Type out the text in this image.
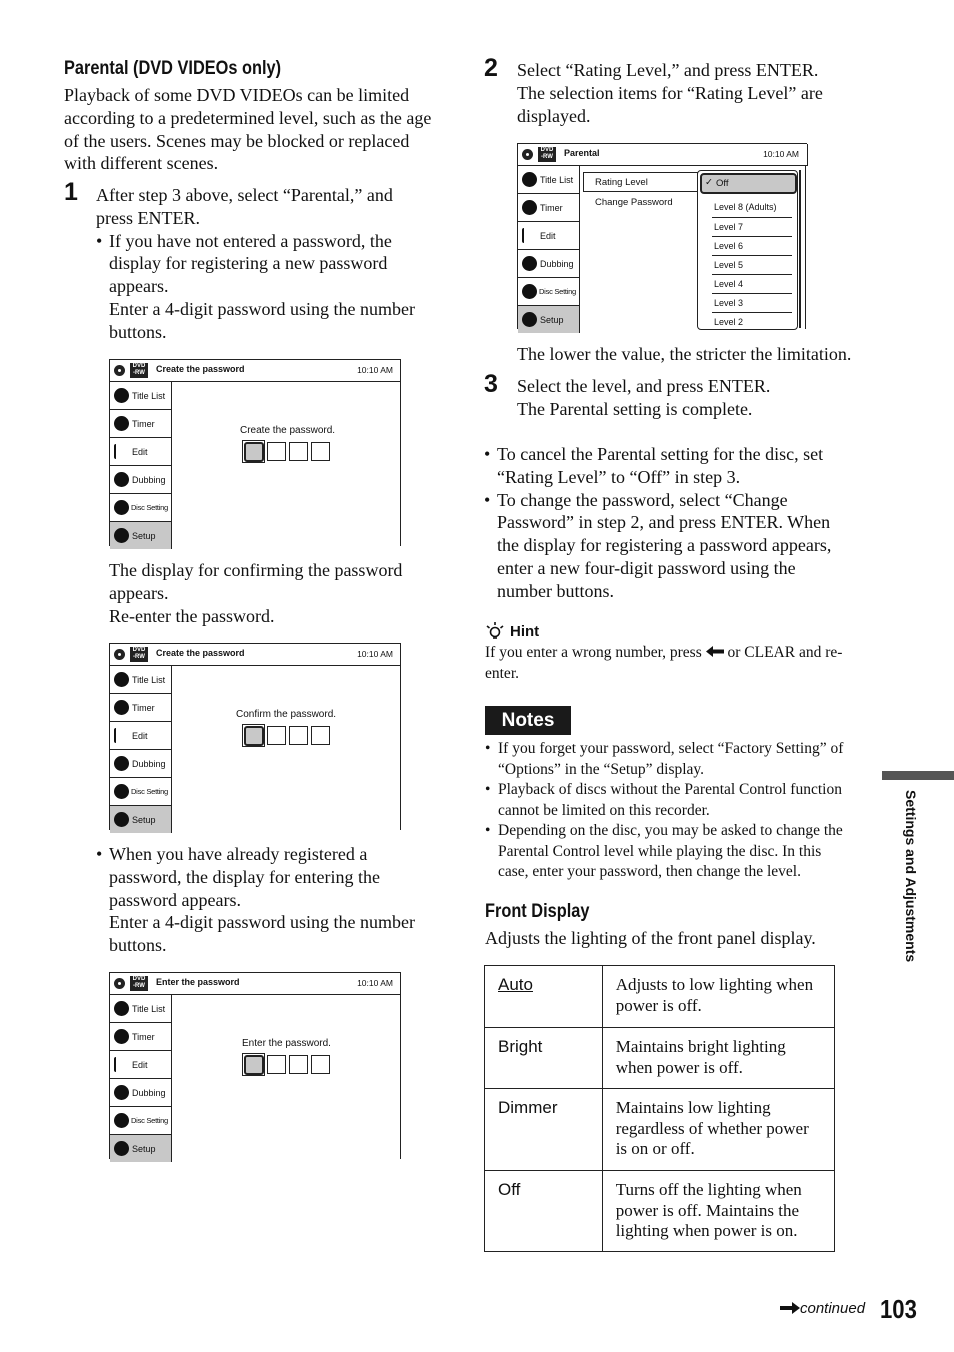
Parental (DVD VIDEOs only)
Playback of some DVD VIDEOs can be limited
according to a predetermined level, such as the age
of the users. Scenes may be blocked or replaced
with different scenes.
1 After step 3 above, select “Parental,” and
press ENTER.
• If you have not entered a password, the
display for registering a new password
appears.
Enter a 4-digit password using the number
buttons.
DVD
-RW	Create the password	10:10 AM
Title List
Timer
Edit
Dubbing
Disc Setting
Setup
Create the password.
The display for confirming the password
appears.
Re-enter the password.
DVD
-RW	Create the password	10:10 AM
Title List
Timer
Edit
Dubbing
Disc Setting
Setup
Confirm the password.
• When you have already registered a
password, the display for entering the
password appears.
Enter a 4-digit password using the number
buttons.
DVD
-RW	Enter the password	10:10 AM
Title List
Timer
Edit
Dubbing
Disc Setting
Setup
Enter the password.
2 Select “Rating Level,” and press ENTER.
The selection items for “Rating Level” are
displayed.
DVD
-RW	Parental	10:10 AM
Title List
Timer
Edit
Dubbing
Disc Setting
Setup
Rating Level
Change Password
✓ Off
Level 8 (Adults)
Level 7
Level 6
Level 5
Level 4
Level 3
Level 2
The lower the value, the stricter the limitation.
3 Select the level, and press ENTER.
The Parental setting is complete.
• To cancel the Parental setting for the disc, set
“Rating Level” to “Off” in step 3.
• To change the password, select “Change
Password” in step 2, and press ENTER. When
the display for registering a password appears,
enter a new four-digit password using the
number buttons.
Hint
If you enter a wrong number, press or CLEAR and re-
enter.
Notes
• If you forget your password, select “Factory Setting” of
“Options” in the “Setup” display.
• Playback of discs without the Parental Control function
cannot be limited on this recorder.
• Depending on the disc, you may be asked to change the
Parental Control level while playing the disc. In this
case, enter your password, then change the level.
Front Display
Adjusts the lighting of the front panel display.
Auto	Adjusts to low lighting when
power is off.

Bright	Maintains bright lighting
when power is off.

Dimmer	Maintains low lighting
regardless of whether power
is on or off.

Off	Turns off the lighting when
power is off. Maintains the
lighting when power is on.
Settings and Adjustments
continued 103
